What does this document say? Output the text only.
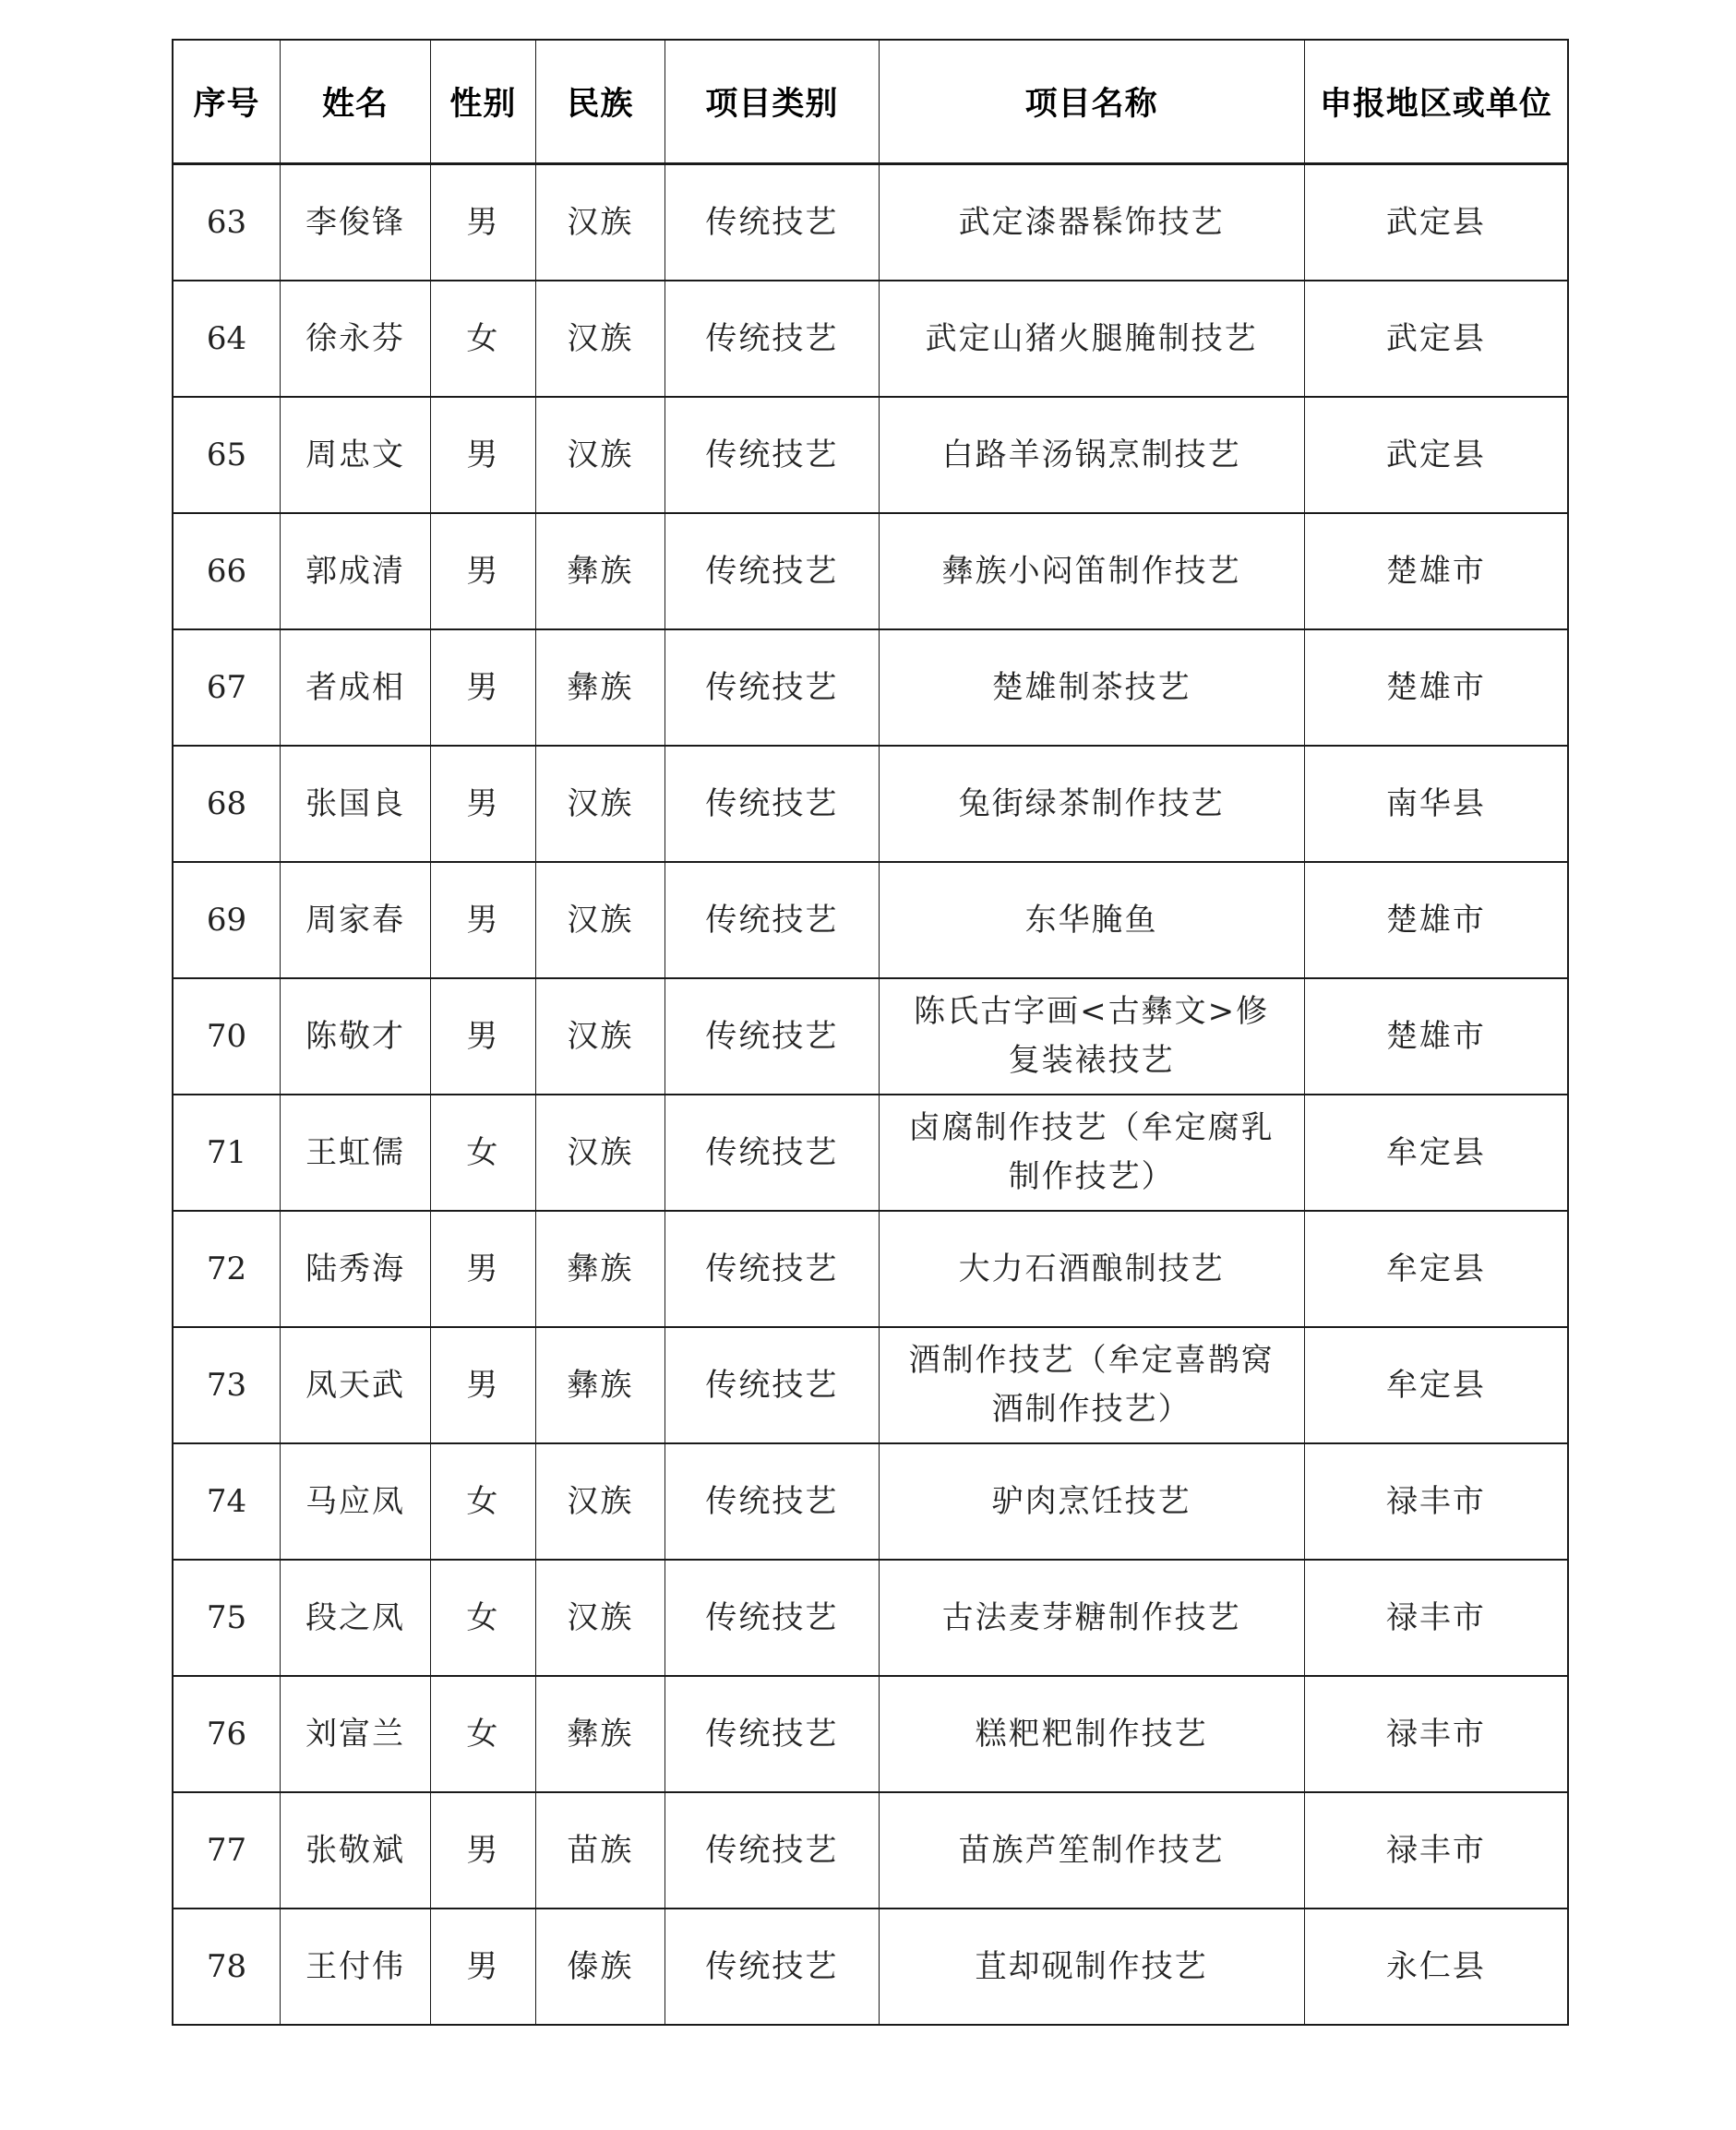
序号	姓名	性别	民族	项目类别	项目名称	申报地区或单位
63	李俊锋	男	汉族	传统技艺	武定漆器髹饰技艺	武定县
64	徐永芬	女	汉族	传统技艺	武定山猪火腿腌制技艺	武定县
65	周忠文	男	汉族	传统技艺	白路羊汤锅烹制技艺	武定县
66	郭成清	男	彝族	传统技艺	彝族小闷笛制作技艺	楚雄市
67	者成相	男	彝族	传统技艺	楚雄制茶技艺	楚雄市
68	张国良	男	汉族	传统技艺	兔街绿茶制作技艺	南华县
69	周家春	男	汉族	传统技艺	东华腌鱼	楚雄市
70	陈敬才	男	汉族	传统技艺	陈氏古字画<古彝文>修复装裱技艺	楚雄市
71	王虹儒	女	汉族	传统技艺	卤腐制作技艺（牟定腐乳制作技艺）	牟定县
72	陆秀海	男	彝族	传统技艺	大力石酒酿制技艺	牟定县
73	凤天武	男	彝族	传统技艺	酒制作技艺（牟定喜鹊窝酒制作技艺）	牟定县
74	马应凤	女	汉族	传统技艺	驴肉烹饪技艺	禄丰市
75	段之凤	女	汉族	传统技艺	古法麦芽糖制作技艺	禄丰市
76	刘富兰	女	彝族	传统技艺	糕粑粑制作技艺	禄丰市
77	张敬斌	男	苗族	传统技艺	苗族芦笙制作技艺	禄丰市
78	王付伟	男	傣族	传统技艺	苴却砚制作技艺	永仁县
